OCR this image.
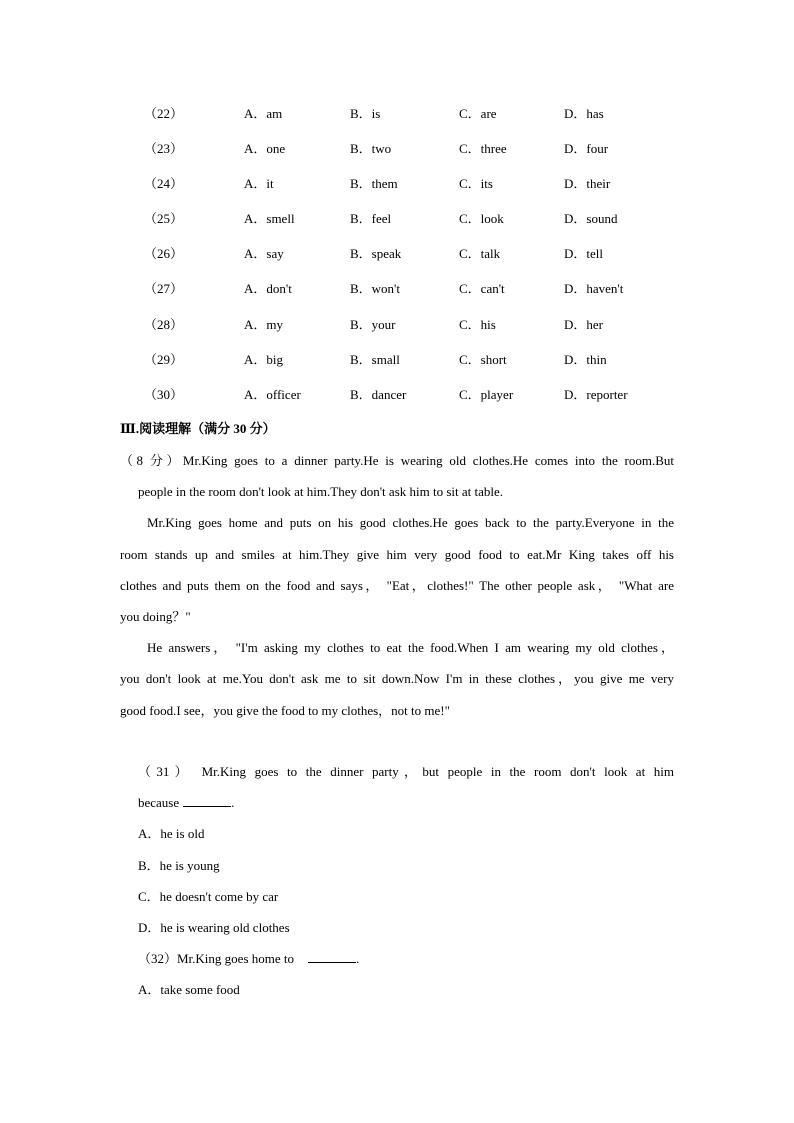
（22）	A．am	B．is	C．are	D．has
（23）	A．one	B．two	C．three	D．four
（24）	A．it	B．them	C．its	D．their
（25）	A．smell	B．feel	C．look	D．sound
（26）	A．say	B．speak	C．talk	D．tell
（27）	A．don't	B．won't	C．can't	D．haven't
（28）	A．my	B．your	C．his	D．her
（29）	A．big	B．small	C．short	D．thin
（30）	A．officer	B．dancer	C．player	D．reporter
Ⅲ.阅读理解（满分 30 分）
（8 分）Mr.King goes to a dinner party.He is wearing old clothes.He comes into the room.But
people in the room don't look at him.They don't ask him to sit at table.
Mr.King goes home and puts on his good clothes.He goes back to the party.Everyone in the
room stands up and smiles at him.They give him very good food to eat.Mr King takes off his
clothes and puts them on the food and says， "Eat，clothes!" The other people ask， "What are
you doing？"
He answers， "I'm asking my clothes to eat the food.When I am wearing my old clothes，
you don't look at me.You don't ask me to sit down.Now I'm in these clothes，you give me very
good food.I see，you give the food to my clothes，not to me!"
（31） Mr.King goes to the dinner party，but people in the room don't look at him
because	.
A．he is old
B．he is young
C．he doesn't come by car
D．he is wearing old clothes
（32）Mr.King goes home to	.
A．take some food
